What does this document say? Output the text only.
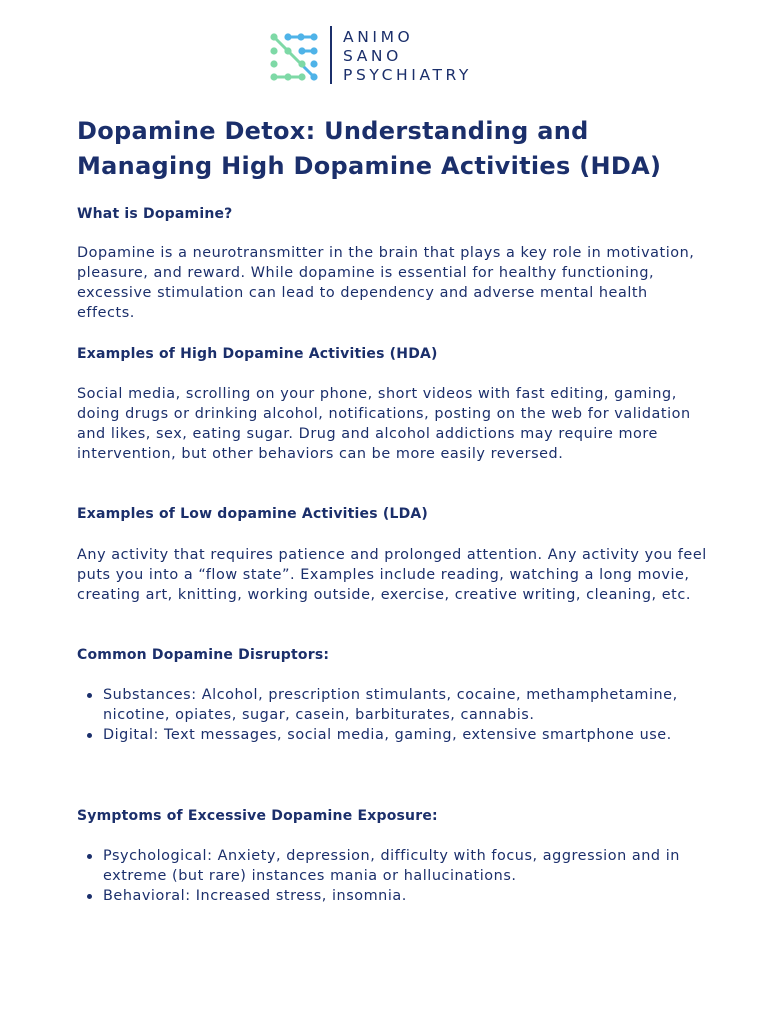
ANIMO
SANO
PSYCHIATRY
Dopamine Detox: Understanding and Managing High Dopamine Activities (HDA)
What is Dopamine?

Dopamine is a neurotransmitter in the brain that plays a key role in motivation, pleasure, and reward. While dopamine is essential for healthy functioning, excessive stimulation can lead to dependency and adverse mental health effects.

Examples of High Dopamine Activities (HDA)

Social media, scrolling on your phone, short videos with fast editing, gaming, doing drugs or drinking alcohol, notifications, posting on the web for validation and likes, sex, eating sugar. Drug and alcohol addictions may require more intervention, but other behaviors can be more easily reversed.

Examples of Low dopamine Activities (LDA)

Any activity that requires patience and prolonged attention. Any activity you feel puts you into a “flow state”. Examples include reading, watching a long movie, creating art, knitting, working outside, exercise, creative writing, cleaning, etc.

Common Dopamine Disruptors:
Substances: Alcohol, prescription stimulants, cocaine, methamphetamine, nicotine, opiates, sugar, casein, barbiturates, cannabis.
Digital: Text messages, social media, gaming, extensive smartphone use.
Symptoms of Excessive Dopamine Exposure:
Psychological: Anxiety, depression, difficulty with focus, aggression and in extreme (but rare) instances mania or hallucinations.
Behavioral: Increased stress, insomnia.
